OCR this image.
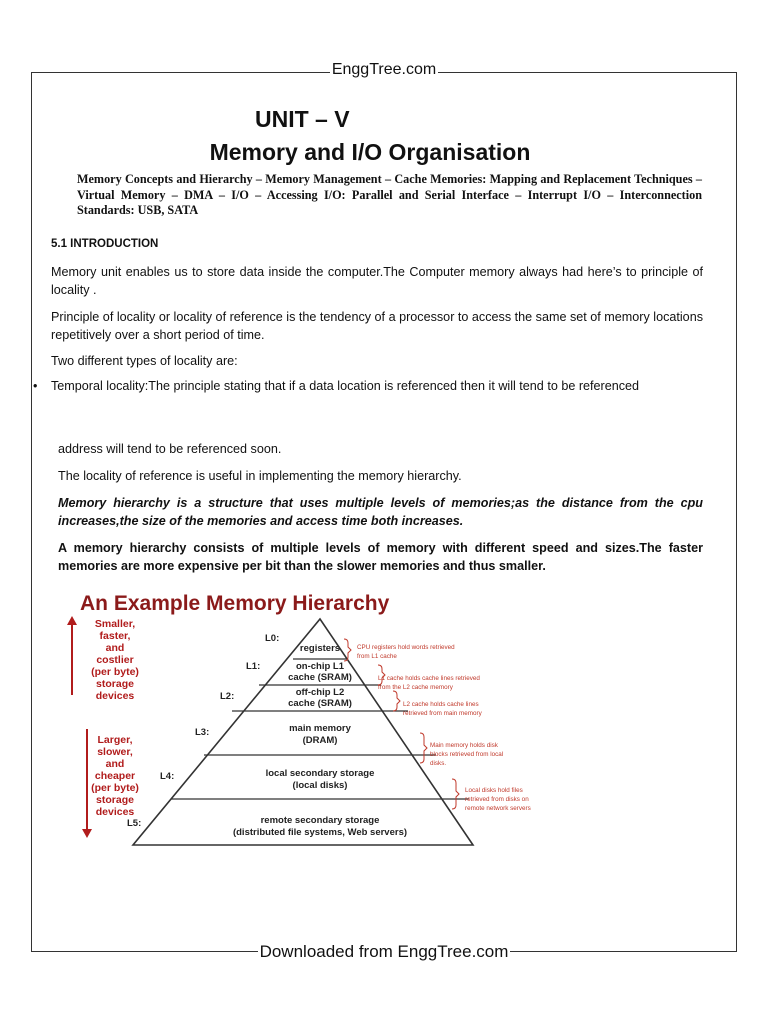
EnggTree.com
UNIT – V
Memory and I/O Organisation
Memory Concepts and Hierarchy – Memory Management – Cache Memories: Mapping and Replacement Techniques – Virtual Memory – DMA – I/O – Accessing I/O: Parallel and Serial Interface – Interrupt I/O – Interconnection Standards: USB, SATA
5.1 INTRODUCTION
Memory unit enables us to store data inside the computer.The Computer memory always had here’s to principle of locality .
Principle of locality or locality of reference is the tendency of a processor to access the same set of memory locations repetitively over a short period of time.
Two different types of locality are:
• Temporal locality:The principle stating that if a data location is referenced then it will tend to be referenced
address will tend to be referenced soon.
The locality of reference is useful in implementing the memory hierarchy.
Memory hierarchy is a structure that uses multiple levels of memories;as the distance from the cpu increases,the size of the memories and access time both increases.
A memory hierarchy consists of multiple levels of memory with different speed and sizes.The faster memories are more expensive per bit than the slower memories and thus smaller.
An Example Memory Hierarchy
Smaller,
faster,
and
costlier
(per byte)
storage
devices
Larger,
slower,
and
cheaper
(per byte)
storage
devices
L0:
L1:
L2:
L3:
L4:
L5:
registers
on-chip L1
cache (SRAM)
off-chip L2
cache (SRAM)
main memory
(DRAM)
local secondary storage
(local disks)
remote secondary storage
(distributed file systems, Web servers)
CPU registers hold words retrieved
from L1 cache
L1 cache holds cache lines retrieved
from the L2 cache memory
L2 cache holds cache lines
retrieved from main memory
Main memory holds disk
blocks retrieved from local
disks.
Local disks hold files
retrieved from disks on
remote network servers
Downloaded from EnggTree.com
